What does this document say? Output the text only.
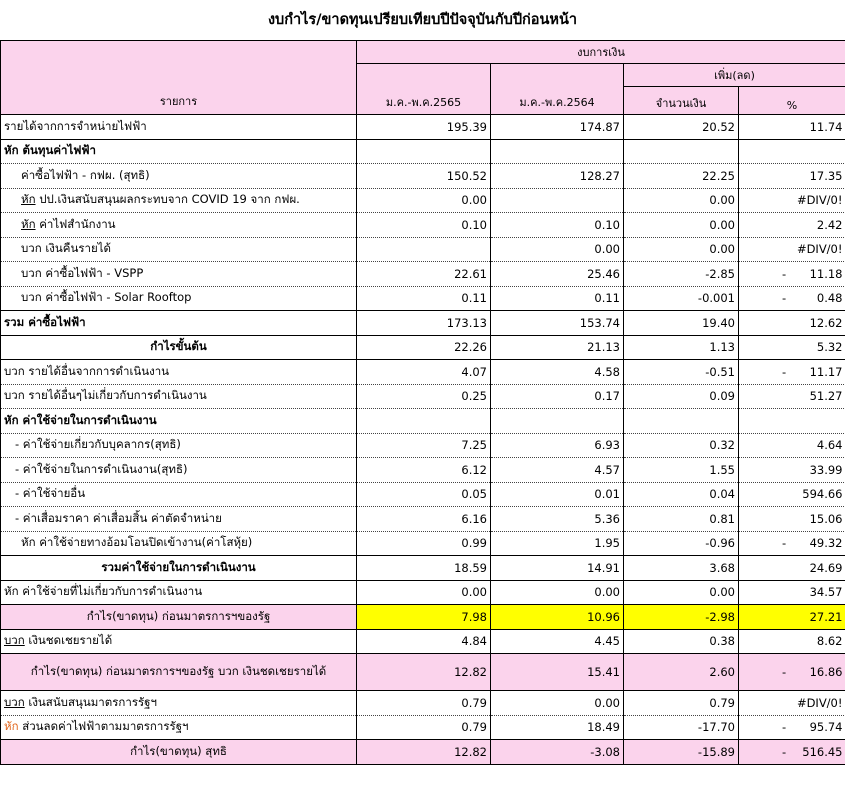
งบกำไร/ขาดทุนเปรียบเทียบปีปัจจุบันกับปีก่อนหน้า
รายการ	งบการเงิน			
	ม.ค.-พ.ค.2565	ม.ค.-พ.ค.2564	เพิ่ม(ลด)	
			จำนวนเงิน	%
รายได้จากการจำหน่ายไฟฟ้า	195.39	174.87	20.52	11.74
หัก ต้นทุนค่าไฟฟ้า				

ค่าซื้อไฟฟ้า - กฟผ. (สุทธิ)	150.52	128.27	22.25	17.35
หัก ปป.เงินสนับสนุนผลกระทบจาก COVID 19 จาก กฟผ.	0.00		0.00	#DIV/0!
หัก ค่าไฟสำนักงาน	0.10	0.10	0.00	2.42
บวก เงินคืนรายได้		0.00	0.00	#DIV/0!
บวก ค่าซื้อไฟฟ้า - VSPP	22.61	25.46	-2.85	- 11.18
บวก ค่าซื้อไฟฟ้า - Solar Rooftop	0.11	0.11	-0.001	- 0.48
รวม ค่าซื้อไฟฟ้า	173.13	153.74	19.40	12.62
กำไรขั้นต้น	22.26	21.13	1.13	5.32
บวก รายได้อื่นจากการดำเนินงาน	4.07	4.58	-0.51	- 11.17
บวก รายได้อื่นๆไม่เกี่ยวกับการดำเนินงาน	0.25	0.17	0.09	51.27
หัก ค่าใช้จ่ายในการดำเนินงาน				

- ค่าใช้จ่ายเกี่ยวกับบุคลากร(สุทธิ)	7.25	6.93	0.32	4.64
- ค่าใช้จ่ายในการดำเนินงาน(สุทธิ)	6.12	4.57	1.55	33.99
- ค่าใช้จ่ายอื่น	0.05	0.01	0.04	594.66
- ค่าเสื่อมราคา ค่าเสื่อมสิ้น ค่าตัดจำหน่าย	6.16	5.36	0.81	15.06
หัก ค่าใช้จ่ายทางอ้อมโอนปิดเข้างาน(ค่าโสหุ้ย)	0.99	1.95	-0.96	- 49.32
รวมค่าใช้จ่ายในการดำเนินงาน	18.59	14.91	3.68	24.69
หัก ค่าใช้จ่ายที่ไม่เกี่ยวกับการดำเนินงาน	0.00	0.00	0.00	34.57
กำไร(ขาดทุน) ก่อนมาตรการฯของรัฐ	7.98	10.96	-2.98	27.21
บวก เงินชดเชยรายได้	4.84	4.45	0.38	8.62
กำไร(ขาดทุน) ก่อนมาตรการฯของรัฐ บวก เงินชดเชยรายได้	12.82	15.41	2.60	- 16.86
บวก เงินสนับสนุนมาตรการรัฐฯ	0.79	0.00	0.79	#DIV/0!
หัก ส่วนลดค่าไฟฟ้าตามมาตรการรัฐฯ	0.79	18.49	-17.70	- 95.74
กำไร(ขาดทุน) สุทธิ	12.82	-3.08	-15.89	- 516.45
